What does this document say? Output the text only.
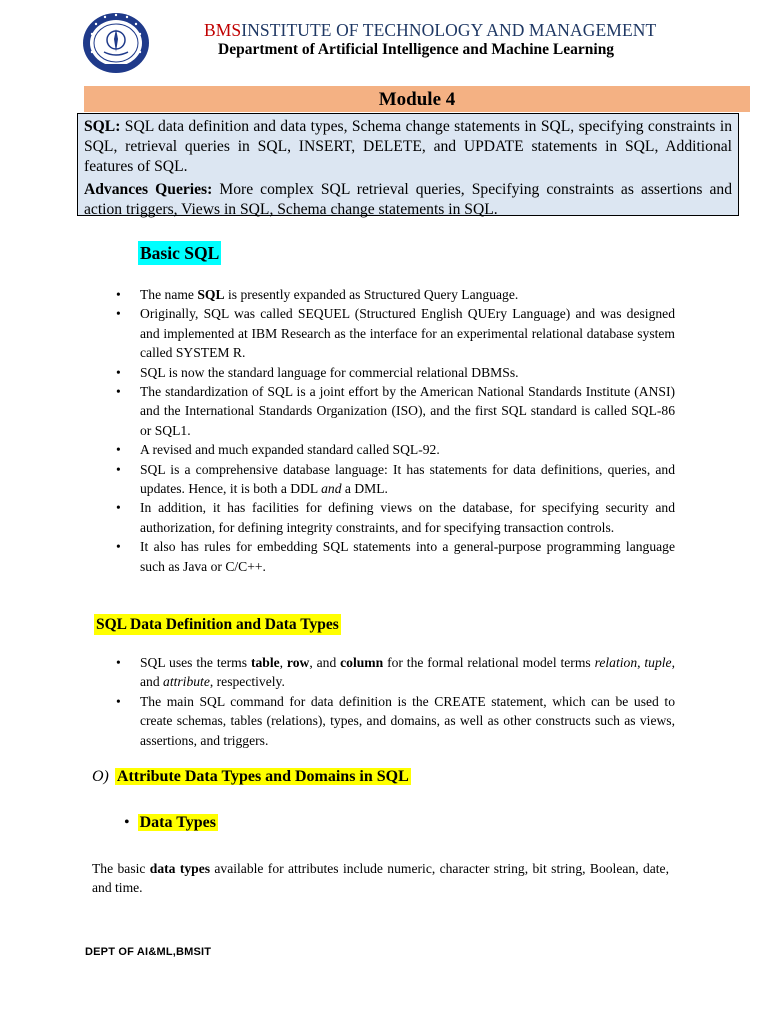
BMSINSTITUTE OF TECHNOLOGY AND MANAGEMENT
Department of Artificial Intelligence and Machine Learning
Module 4

SQL: SQL data definition and data types, Schema change statements in SQL, specifying constraints in SQL, retrieval queries in SQL, INSERT, DELETE, and UPDATE statements in SQL, Additional features of SQL.

Advances Queries: More complex SQL retrieval queries, Specifying constraints as assertions and action triggers, Views in SQL, Schema change statements in SQL.

Basic SQL
• The name SQL is presently expanded as Structured Query Language.
• Originally, SQL was called SEQUEL (Structured English QUEry Language) and was designed and implemented at IBM Research as the interface for an experimental relational database system called SYSTEM R.
• SQL is now the standard language for commercial relational DBMSs.
• The standardization of SQL is a joint effort by the American National Standards Institute (ANSI) and the International Standards Organization (ISO), and the first SQL standard is called SQL-86 or SQL1.
• A revised and much expanded standard called SQL-92.
• SQL is a comprehensive database language: It has statements for data definitions, queries, and updates. Hence, it is both a DDL and a DML.
• In addition, it has facilities for defining views on the database, for specifying security and authorization, for defining integrity constraints, and for specifying transaction controls.
• It also has rules for embedding SQL statements into a general-purpose programming language such as Java or C/C++.
SQL Data Definition and Data Types
• SQL uses the terms table, row, and column for the formal relational model terms relation, tuple, and attribute, respectively.
• The main SQL command for data definition is the CREATE statement, which can be used to create schemas, tables (relations), types, and domains, as well as other constructs such as views, assertions, and triggers.
O) Attribute Data Types and Domains in SQL
• Data Types

The basic data types available for attributes include numeric, character string, bit string, Boolean, date, and time.

DEPT OF AI&ML,BMSIT
